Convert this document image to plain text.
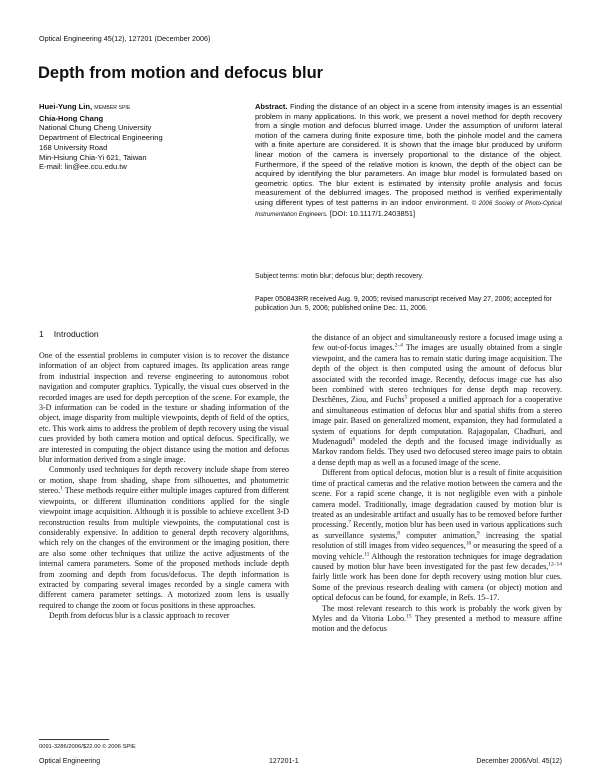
Optical Engineering 45(12), 127201 (December 2006)
Depth from motion and defocus blur
Huei-Yung Lin, MEMBER SPIE
Chia-Hong Chang
National Chung Cheng University
Department of Electrical Engineering
168 University Road
Min-Hsiung Chia-Yi 621, Taiwan
E-mail: lin@ee.ccu.edu.tw
Abstract. Finding the distance of an object in a scene from intensity images is an essential problem in many applications. In this work, we present a novel method for depth recovery from a single motion and defocus blurred image. Under the assumption of uniform lateral motion of the camera during finite exposure time, both the pinhole model and the camera with a finite aperture are considered. It is shown that the image blur produced by uniform linear motion of the camera is inversely proportional to the distance of the object. Furthermore, if the speed of the relative motion is known, the depth of the object can be acquired by identifying the blur parameters. An image blur model is formulated based on geometric optics. The blur extent is estimated by intensity profile analysis and focus measurement of the deblurred images. The proposed method is verified experimentally using different types of test patterns in an indoor environment. © 2006 Society of Photo-Optical Instrumentation Engineers. [DOI: 10.1117/1.2403851]
Subject terms: motin blur; defocus blur; depth recovery.
Paper 050843RR received Aug. 9, 2005; revised manuscript received May 27, 2006; accepted for publication Jun. 5, 2006; published online Dec. 11, 2006.
1 Introduction

One of the essential problems in computer vision is to recover the distance information of an object from captured images. Its application areas range from industrial inspection and reverse engineering to autonomous robot navigation and computer graphics. Typically, the visual cues observed in the recorded images are used for depth perception of the scene. For example, the 3-D information can be coded in the texture or shading information of the object, image disparity from multiple viewpoints, depth of field of the optics, etc. This work aims to address the problem of depth recovery using the visual cues provided by both camera motion and optical defocus. Specifically, we are interested in computing the object distance using the motion and defocus blur information derived from a single image.

Commonly used techniques for depth recovery include shape from stereo or motion, shape from shading, shape from silhouettes, and photometric stereo.$^1$ These methods require either multiple images captured from different viewpoints, or different illumination conditions applied for the single viewpoint image acquisition. Although it is possible to achieve excellent 3-D reconstruction results from multiple viewpoints, the computational cost is considerably expensive. In addition to general depth recovery algorithms, which rely on the changes of the environment or the imaging position, there are also some other techniques that utilize the active adjustments of the internal camera parameters. Some of the proposed methods include depth from zooming and depth from focus/defocus. The depth information is extracted by comparing several images recorded by a single camera with different camera parameter settings. A motorized zoom lens is usually required to change the zoom or focus positions in these approaches.

Depth from defocus blur is a classic approach to recover

the distance of an object and simultaneously restore a focused image using a few out-of-focus images.$^{2-4}$ The images are usually obtained from a single viewpoint, and the camera has to remain static during image acquisition. The depth of the object is then computed using the amount of defocus blur associated with the recorded image. Recently, defocus image cue has also been combined with stereo techniques for dense depth map recovery. Deschênes, Ziou, and Fuchs$^5$ proposed a unified approach for a cooperative and simultaneous estimation of defocus blur and spatial shifts from a stereo image pair. Based on generalized moment, expansion, they had formulated a system of equations for depth computation. Rajagopalan, Chadhuri, and Mudenagudi$^6$ modeled the depth and the focused image individually as Markov random fields. They used two defocused stereo image pairs to obtain a dense depth map as well as a focused image of the scene.

Different from optical defocus, motion blur is a result of finite acquisition time of practical cameras and the relative motion between the camera and the scene. For a rapid scene change, it is not negligible even with a pinhole camera model. Traditionally, image degradation caused by motion blur is treated as an undesirable artifact and usually has to be removed before further processing.$^7$ Recently, motion blur has been used in various applications such as surveillance systems,$^8$ computer animation,$^9$ increasing the spatial resolution of still images from video sequences,$^{10}$ or measuring the speed of a moving vehicle.$^{11}$ Although the restoration techniques for image degradation caused by motion blur have been investigated for the past few decades,$^{12-14}$ fairly little work has been done for depth recovery using motion blur cues. Some of the previous research dealing with camera (or object) motion and optical defocus can be found, for example, in Refs. 15–17.

The most relevant research to this work is probably the work given by Myles and da Vitoria Lobo.$^{15}$ They presented a method to measure affine motion and the defocus

0091-3286/2006/$22.00 © 2006 SPIE
Optical Engineering	127201-1	December 2006/Vol. 45(12)
